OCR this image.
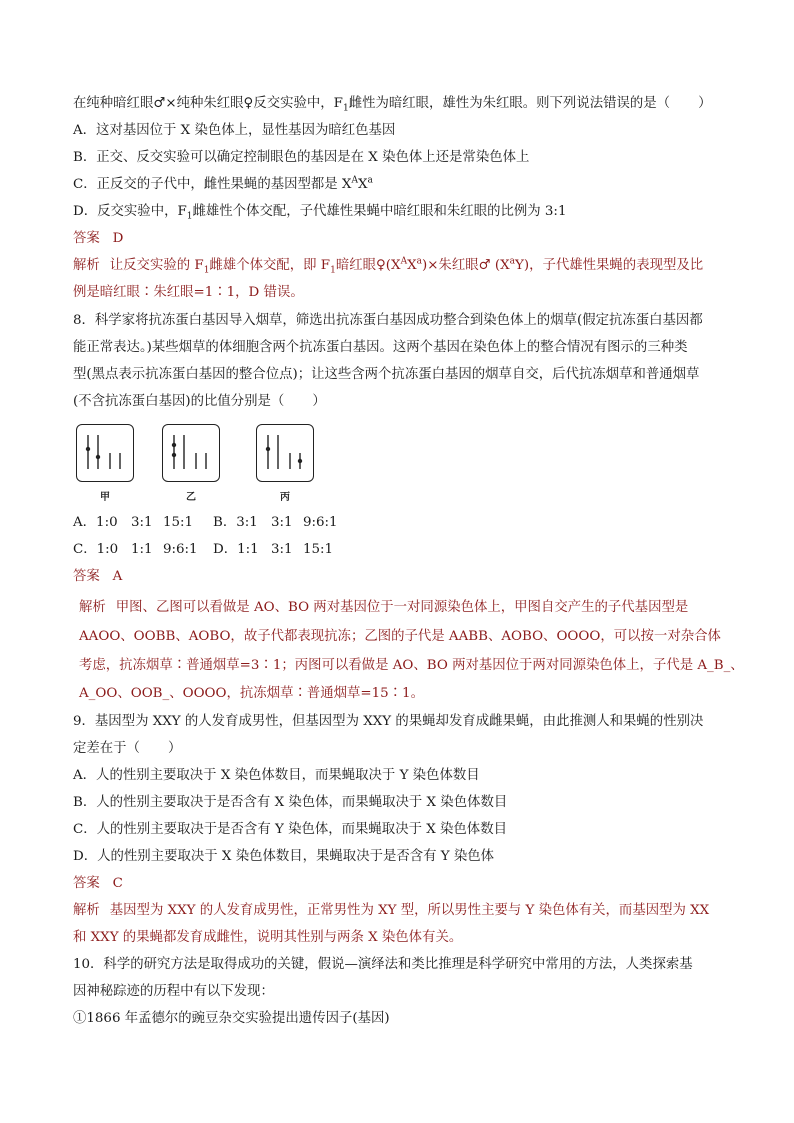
在纯种暗红眼♂×纯种朱红眼♀反交实验中，$F_1$雌性为暗红眼，雄性为朱红眼。则下列说法错误的是（ ）
A．这对基因位于 X 染色体上，显性基因为暗红色基因
B．正交、反交实验可以确定控制眼色的基因是在 X 染色体上还是常染色体上
C．正反交的子代中，雌性果蝇的基因型都是 $X^AX^a$
D．反交实验中，$F_1$雌雄性个体交配，子代雄性果蝇中暗红眼和朱红眼的比例为 3:1
答案 D
解析 让反交实验的 $F_1$雌雄个体交配，即 $F_1$暗红眼$♀(X^AX^a)\times$朱红眼♂ $(X^aY)$，子代雄性果蝇的表现型及比
例是暗红眼∶朱红眼=1∶1，D 错误。
8．科学家将抗冻蛋白基因导入烟草，筛选出抗冻蛋白基因成功整合到染色体上的烟草(假定抗冻蛋白基因都
能正常表达。)某些烟草的体细胞含两个抗冻蛋白基因。这两个基因在染色体上的整合情况有图示的三种类
型(黑点表示抗冻蛋白基因的整合位点)；让这些含两个抗冻蛋白基因的烟草自交，后代抗冻烟草和普通烟草
(不含抗冻蛋白基因)的比值分别是（ ）
甲	乙	丙
A．1:0 3:1 15:1 B．3:1 3:1 9:6:1
C．1:0 1:1 9:6:1 D．1:1 3:1 15:1
答案 A
解析 甲图、乙图可以看做是 AO、BO 两对基因位于一对同源染色体上，甲图自交产生的子代基因型是
AAOO、OOBB、AOBO，故子代都表现抗冻；乙图的子代是 AABB、AOBO、OOOO，可以按一对杂合体
考虑，抗冻烟草∶普通烟草=3∶1；丙图可以看做是 AO、BO 两对基因位于两对同源染色体上，子代是 A_B_、
A_OO、OOB_、OOOO，抗冻烟草∶普通烟草=15∶1。
9．基因型为 XXY 的人发育成男性，但基因型为 XXY 的果蝇却发育成雌果蝇，由此推测人和果蝇的性别决
定差在于（ ）
A．人的性别主要取决于 X 染色体数目，而果蝇取决于 Y 染色体数目
B．人的性别主要取决于是否含有 X 染色体，而果蝇取决于 X 染色体数目
C．人的性别主要取决于是否含有 Y 染色体，而果蝇取决于 X 染色体数目
D．人的性别主要取决于 X 染色体数目，果蝇取决于是否含有 Y 染色体
答案 C
解析 基因型为 XXY 的人发育成男性，正常男性为 XY 型，所以男性主要与 Y 染色体有关，而基因型为 XX
和 XXY 的果蝇都发育成雌性，说明其性别与两条 X 染色体有关。
10．科学的研究方法是取得成功的关键，假说—演绎法和类比推理是科学研究中常用的方法，人类探索基
因神秘踪迹的历程中有以下发现：
①1866 年孟德尔的豌豆杂交实验提出遗传因子(基因)
